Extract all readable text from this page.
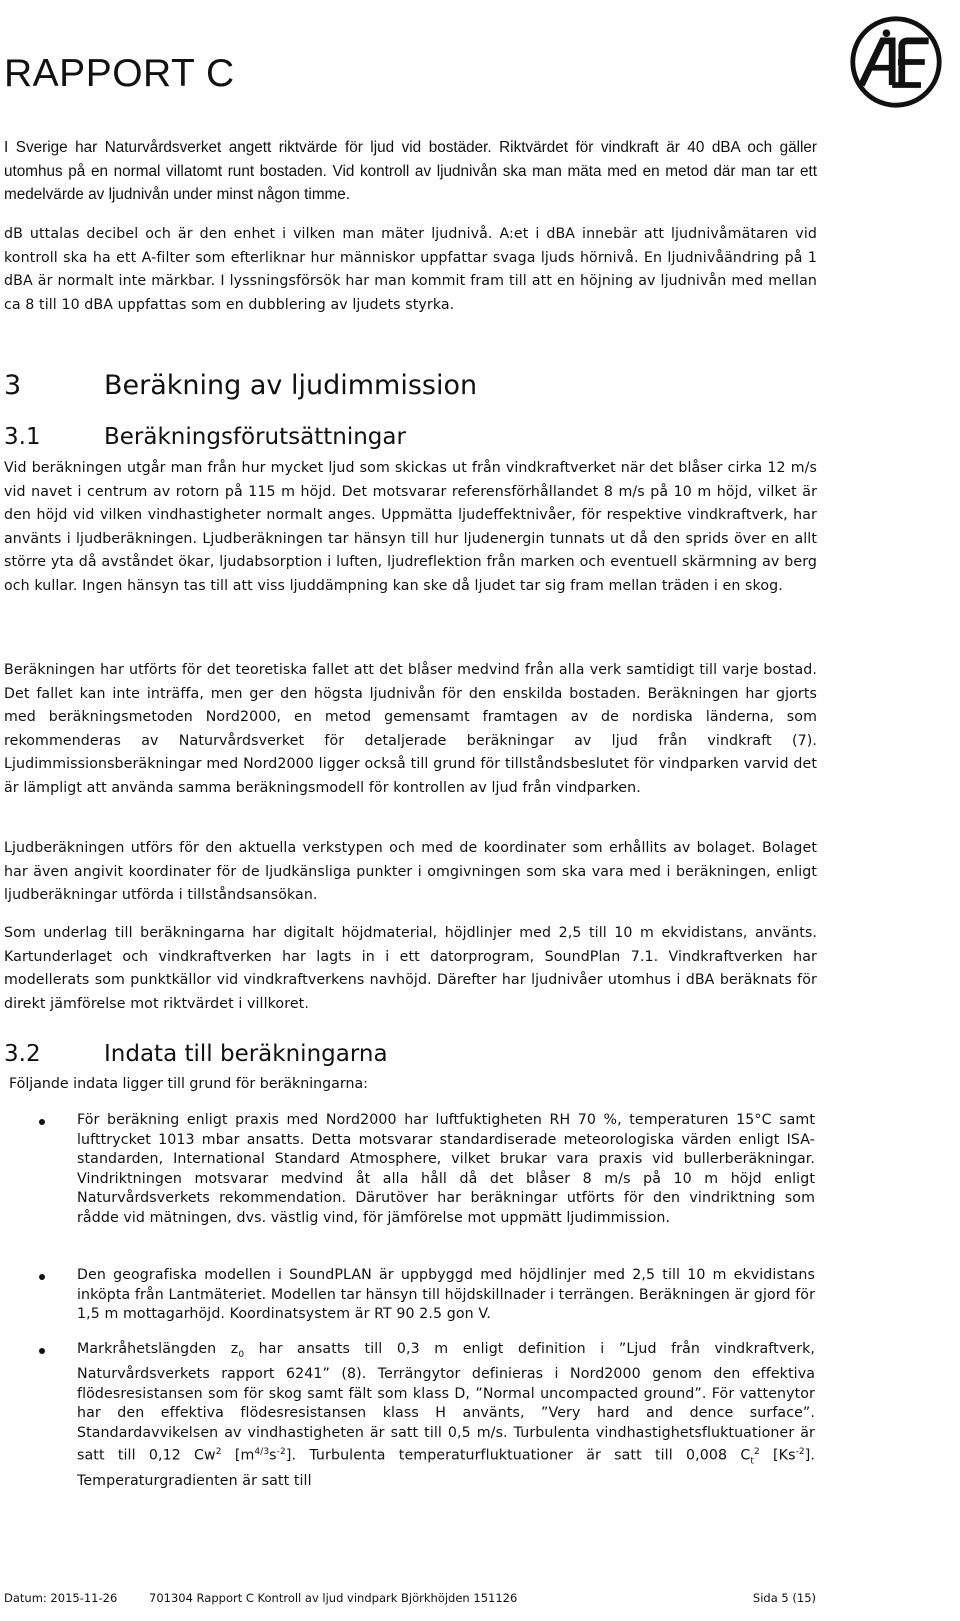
RAPPORT C

I Sverige har Naturvårdsverket angett riktvärde för ljud vid bostäder. Riktvärdet för vindkraft är 40 dBA och gäller utomhus på en normal villatomt runt bostaden. Vid kontroll av ljudnivån ska man mäta med en metod där man tar ett medelvärde av ljudnivån under minst någon timme.

dB uttalas decibel och är den enhet i vilken man mäter ljudnivå. A:et i dBA innebär att ljudnivåmätaren vid kontroll ska ha ett A-filter som efterliknar hur människor uppfattar svaga ljuds hörnivå. En ljudnivåändring på 1 dBA är normalt inte märkbar. I lyssningsförsök har man kommit fram till att en höjning av ljudnivån med mellan ca 8 till 10 dBA uppfattas som en dubblering av ljudets styrka.

3	Beräkning av ljudimmission
3.1	Beräkningsförutsättningar

Vid beräkningen utgår man från hur mycket ljud som skickas ut från vindkraftverket när det blåser cirka 12 m/s vid navet i centrum av rotorn på 115 m höjd. Det motsvarar referensförhållandet 8 m/s på 10 m höjd, vilket är den höjd vid vilken vindhastigheter normalt anges. Uppmätta ljudeffektnivåer, för respektive vindkraftverk, har använts i ljudberäkningen. Ljudberäkningen tar hänsyn till hur ljudenergin tunnats ut då den sprids över en allt större yta då avståndet ökar, ljudabsorption i luften, ljudreflektion från marken och eventuell skärmning av berg och kullar. Ingen hänsyn tas till att viss ljuddämpning kan ske då ljudet tar sig fram mellan träden i en skog.

Beräkningen har utförts för det teoretiska fallet att det blåser medvind från alla verk samtidigt till varje bostad. Det fallet kan inte inträffa, men ger den högsta ljudnivån för den enskilda bostaden. Beräkningen har gjorts med beräkningsmetoden Nord2000, en metod gemensamt framtagen av de nordiska länderna, som rekommenderas av Naturvårdsverket för detaljerade beräkningar av ljud från vindkraft (7). Ljudimmissionsberäkningar med Nord2000 ligger också till grund för tillståndsbeslutet för vindparken varvid det är lämpligt att använda samma beräkningsmodell för kontrollen av ljud från vindparken.

Ljudberäkningen utförs för den aktuella verkstypen och med de koordinater som erhållits av bolaget. Bolaget har även angivit koordinater för de ljudkänsliga punkter i omgivningen som ska vara med i beräkningen, enligt ljudberäkningar utförda i tillståndsansökan.

Som underlag till beräkningarna har digitalt höjdmaterial, höjdlinjer med 2,5 till 10 m ekvidistans, använts. Kartunderlaget och vindkraftverken har lagts in i ett datorprogram, SoundPlan 7.1. Vindkraftverken har modellerats som punktkällor vid vindkraftverkens navhöjd. Därefter har ljudnivåer utomhus i dBA beräknats för direkt jämförelse mot riktvärdet i villkoret.

3.2	Indata till beräkningarna

Följande indata ligger till grund för beräkningarna:

För beräkning enligt praxis med Nord2000 har luftfuktigheten RH 70 %, temperaturen 15°C samt lufttrycket 1013 mbar ansatts. Detta motsvarar standardiserade meteorologiska värden enligt ISA-standarden, International Standard Atmosphere, vilket brukar vara praxis vid bullerberäkningar. Vindriktningen motsvarar medvind åt alla håll då det blåser 8 m/s på 10 m höjd enligt Naturvårdsverkets rekommendation. Därutöver har beräkningar utförts för den vindriktning som rådde vid mätningen, dvs. västlig vind, för jämförelse mot uppmätt ljudimmission.

Den geografiska modellen i SoundPLAN är uppbyggd med höjdlinjer med 2,5 till 10 m ekvidistans inköpta från Lantmäteriet. Modellen tar hänsyn till höjdskillnader i terrängen. Beräkningen är gjord för 1,5 m mottagarhöjd. Koordinatsystem är RT 90 2.5 gon V.

Markråhetslängden $z_0$ har ansatts till 0,3 m enligt definition i ”Ljud från vindkraftverk, Naturvårdsverkets rapport 6241” (8). Terrängytor definieras i Nord2000 genom den effektiva flödesresistansen som för skog samt fält som klass D, ”Normal uncompacted ground”. För vattenytor har den effektiva flödesresistansen klass H använts, ”Very hard and dence surface”. Standardavvikelsen av vindhastigheten är satt till 0,5 m/s. Turbulenta vindhastighetsfluktuationer är satt till 0,12 Cw$^2$ $[m^{4/3}s^{-2}]$. Turbulenta temperaturfluktuationer är satt till 0,008 $C_t^2$ $[Ks^{-2}]$. Temperaturgradienten är satt till

Datum: 2015-11-26	701304 Rapport C Kontroll av ljud vindpark Björkhöjden 151126	Sida 5 (15)
